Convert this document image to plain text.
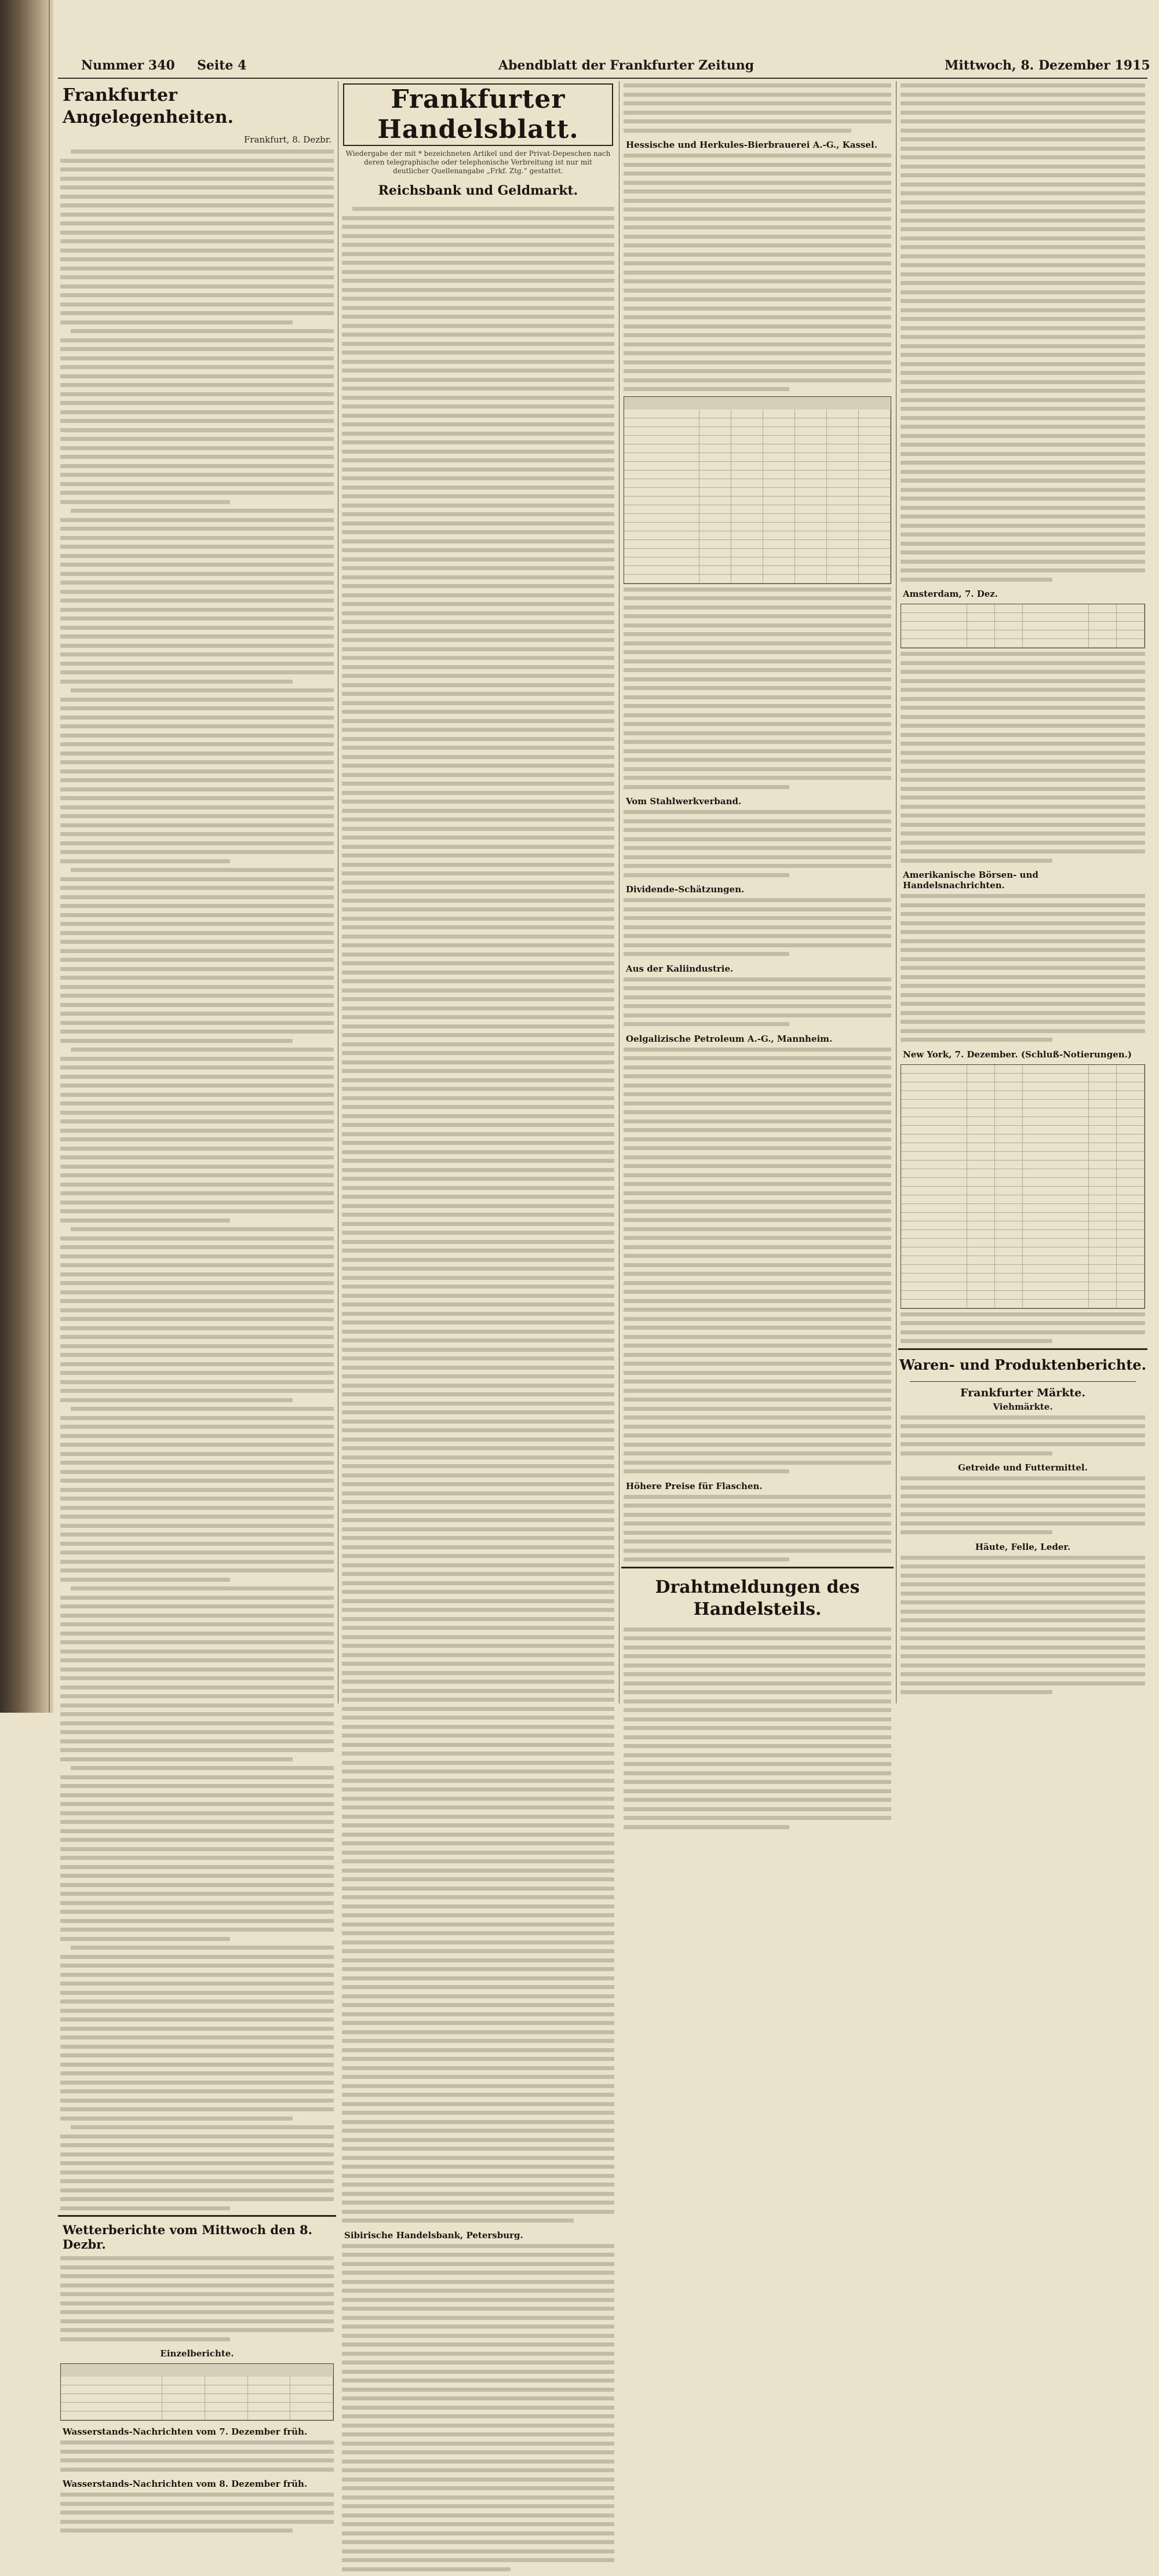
Nummer 340 Seite 4	Abendblatt der Frankfurter Zeitung	Mittwoch, 8. Dezember 1915
Frankfurter Angelegenheiten.
Frankfurt, 8. Dezbr.
Wetterberichte vom Mittwoch den 8. Dezbr.
Einzelberichte.
Wasserstands-Nachrichten vom 7. Dezember früh.
Wasserstands-Nachrichten vom 8. Dezember früh.
Frankfurter Handelsblatt.
Wiedergabe der mit * bezeichneten Artikel und der Privat-Depeschen nach deren telegraphische oder telephonische Verbreitung ist nur mit deutlicher Quellenangabe „Frkf. Ztg.“ gestattet.
Reichsbank und Geldmarkt.
Sibirische Handelsbank, Petersburg.
Hessische und Herkules-Bierbrauerei A.-G., Kassel.
Vom Stahlwerkverband.
Dividende-Schätzungen.
Aus der Kaliindustrie.
Oelgalizische Petroleum A.-G., Mannheim.
Höhere Preise für Flaschen.
Drahtmeldungen des Handelsteils.
Amsterdam, 7. Dez.
Amerikanische Börsen- und Handelsnachrichten.
New York, 7. Dezember. (Schluß-Notierungen.)
Waren- und Produktenberichte.
Frankfurter Märkte.
Viehmärkte.
Getreide und Futtermittel.
Häute, Felle, Leder.
